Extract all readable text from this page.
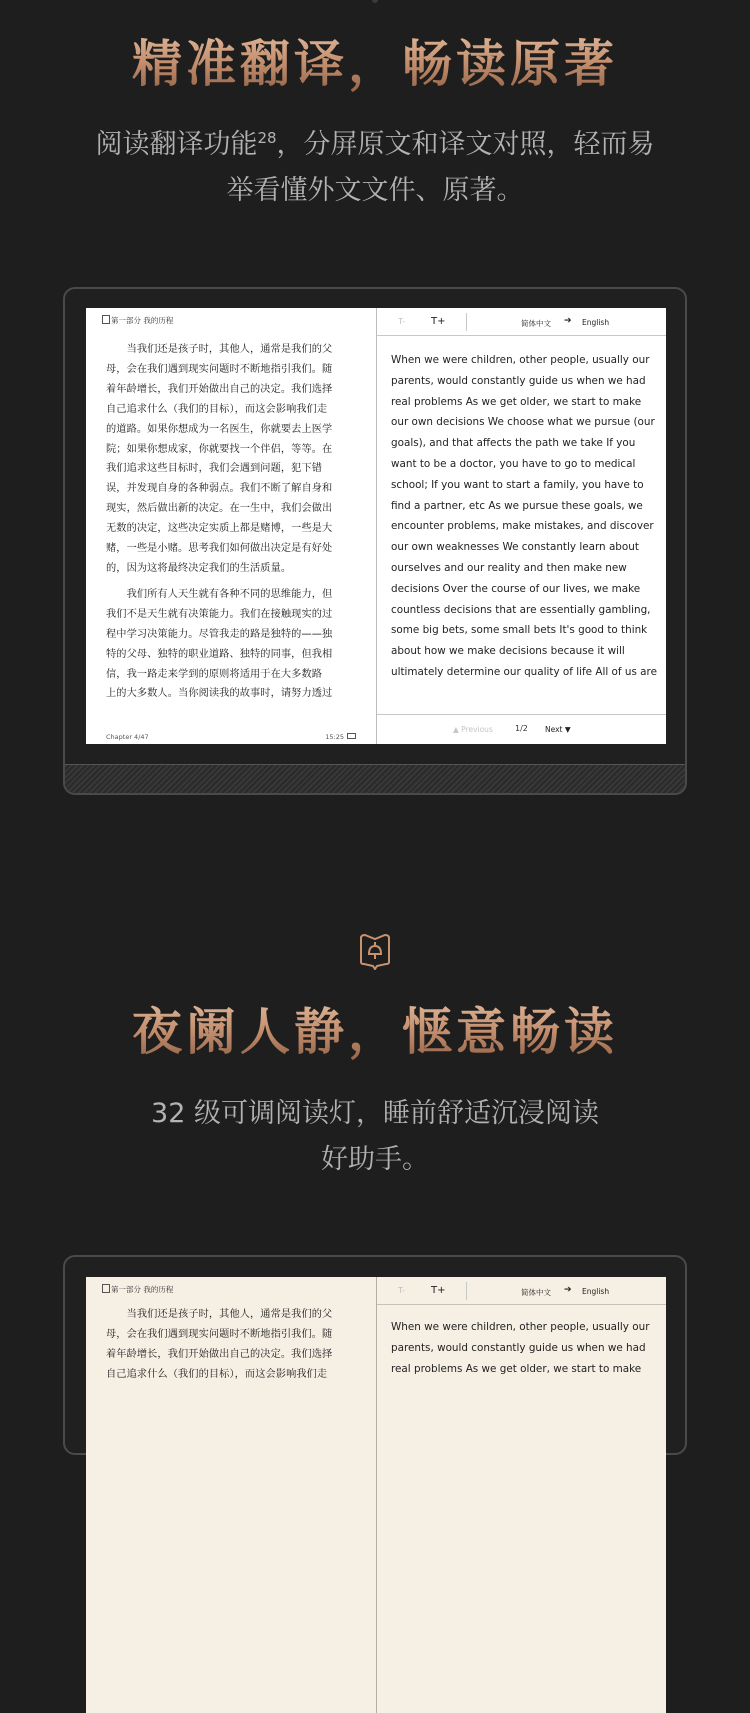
精准翻译，畅读原著
阅读翻译功能$^{28}$，分屏原文和译文对照，轻而易
举看懂外文文件、原著。
第一部分 我的历程
　　当我们还是孩子时，其他人，通常是我们的父
母，会在我们遇到现实问题时不断地指引我们。随
着年龄增长，我们开始做出自己的决定。我们选择
自己追求什么（我们的目标），而这会影响我们走
的道路。如果你想成为一名医生，你就要去上医学
院；如果你想成家，你就要找一个伴侣，等等。在
我们追求这些目标时，我们会遇到问题，犯下错
误，并发现自身的各种弱点。我们不断了解自身和
现实，然后做出新的决定。在一生中，我们会做出
无数的决定，这些决定实质上都是赌博，一些是大
赌，一些是小赌。思考我们如何做出决定是有好处
的，因为这将最终决定我们的生活质量。
　　我们所有人天生就有各种不同的思维能力，但
我们不是天生就有决策能力。我们在接触现实的过
程中学习决策能力。尽管我走的路是独特的——独
特的父母、独特的职业道路、独特的同事，但我相
信，我一路走来学到的原则将适用于在大多数路
上的大多数人。当你阅读我的故事时，请努力透过
Chapter 4/47	15:25
T-	T+	简体中文 ➔ English
When we were children, other people, usually our
parents, would constantly guide us when we had
real problems As we get older, we start to make
our own decisions We choose what we pursue (our
goals), and that affects the path we take If you
want to be a doctor, you have to go to medical
school; If you want to start a family, you have to
find a partner, etc As we pursue these goals, we
encounter problems, make mistakes, and discover
our own weaknesses We constantly learn about
ourselves and our reality and then make new
decisions Over the course of our lives, we make
countless decisions that are essentially gambling,
some big bets, some small bets It's good to think
about how we make decisions because it will
ultimately determine our quality of life All of us are
▲ Previous	1/2 Next ▼
夜阑人静，惬意畅读
32 级可调阅读灯，睡前舒适沉浸阅读
好助手。
第一部分 我的历程
　　当我们还是孩子时，其他人，通常是我们的父
母，会在我们遇到现实问题时不断地指引我们。随
着年龄增长，我们开始做出自己的决定。我们选择
自己追求什么（我们的目标），而这会影响我们走
T-	T+	简体中文 ➔ English
When we were children, other people, usually our
parents, would constantly guide us when we had
real problems As we get older, we start to make
